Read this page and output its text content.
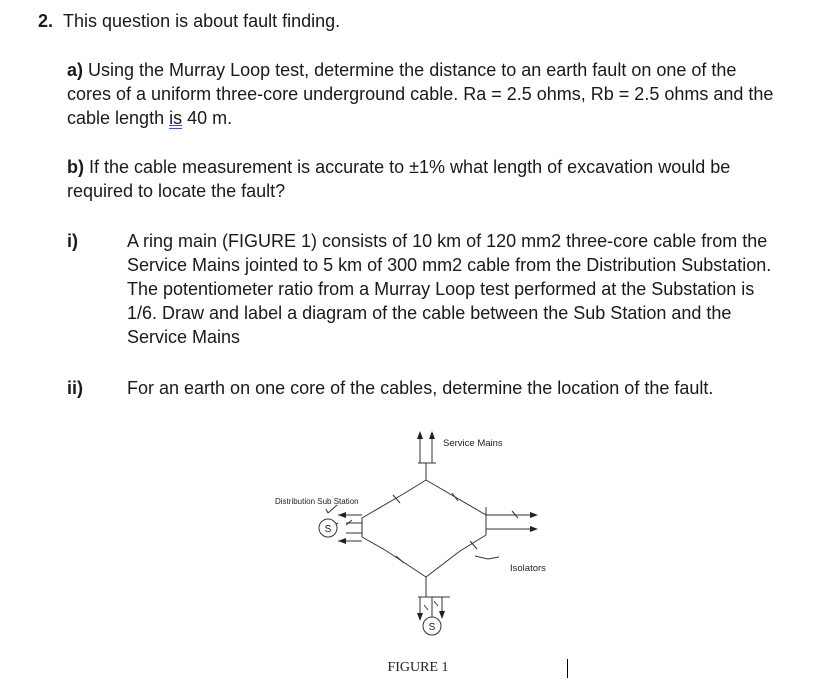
2. This question is about fault finding.
a) Using the Murray Loop test, determine the distance to an earth fault on one of the cores of a uniform three-core underground cable. Ra = 2.5 ohms, Rb = 2.5 ohms and the cable length is 40 m.
b) If the cable measurement is accurate to ±1% what length of excavation would be required to locate the fault?
i)	A ring main (FIGURE 1) consists of 10 km of 120 mm2 three-core cable from the Service Mains jointed to 5 km of 300 mm2 cable from the Distribution Substation. The potentiometer ratio from a Murray Loop test performed at the Substation is 1/6. Draw and label a diagram of the cable between the Sub Station and the Service Mains
ii) For an earth on one core of the cables, determine the location of the fault.
S
S
Service Mains
Distribution Sub Station
Isolators
FIGURE 1
